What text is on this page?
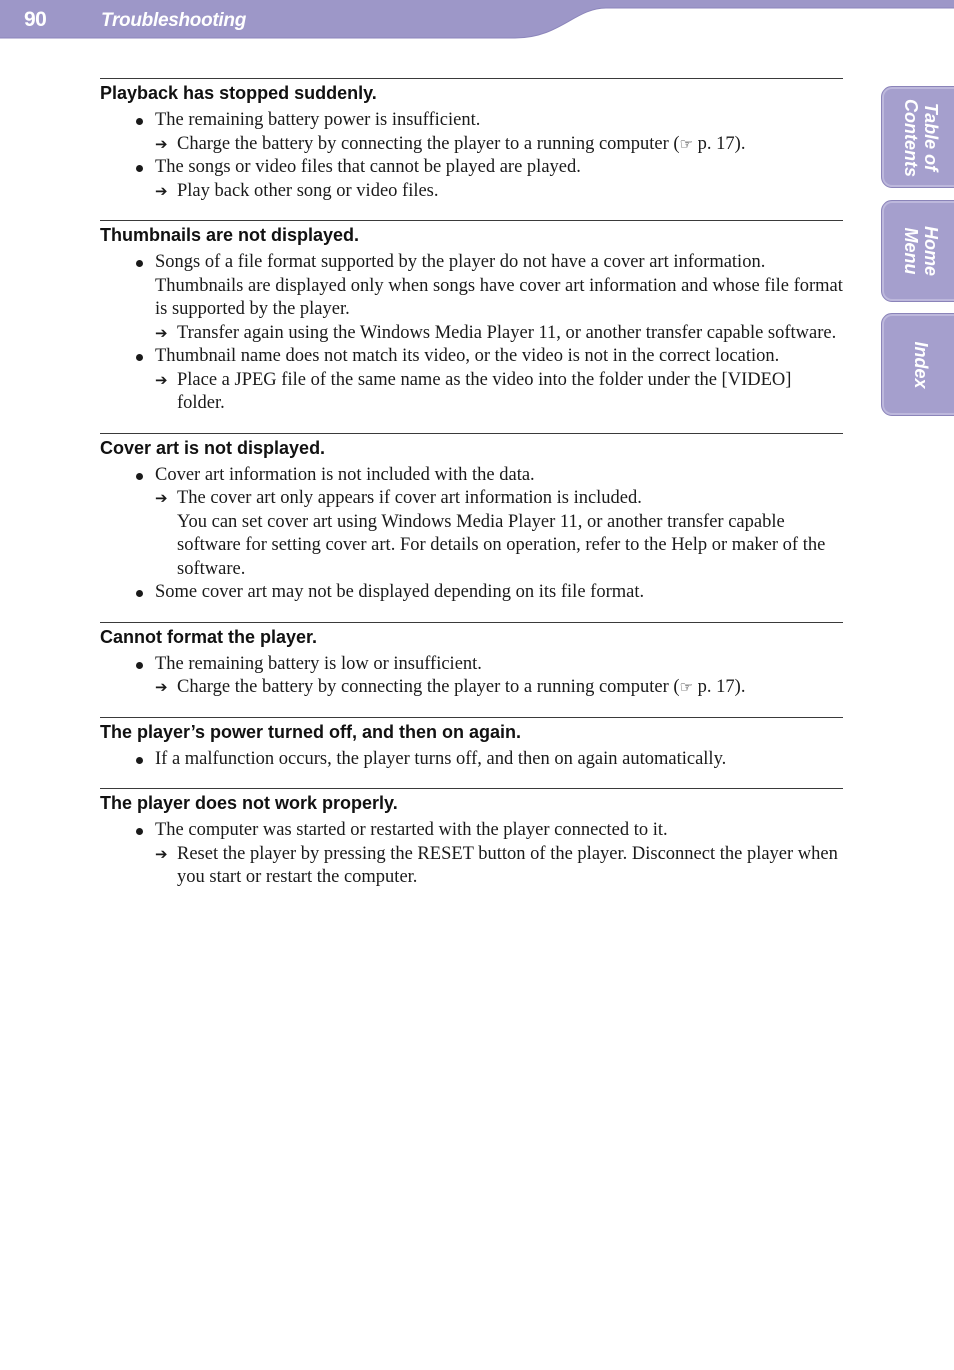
90	Troubleshooting
Table of Contents
Home Menu
Index
Playback has stopped suddenly.
The remaining battery power is insufficient.
➔ Charge the battery by connecting the player to a running computer (☞ p. 17).
The songs or video files that cannot be played are played.
➔ Play back other song or video files.
Thumbnails are not displayed.
Songs of a file format supported by the player do not have a cover art information. Thumbnails are displayed only when songs have cover art information and whose file format is supported by the player.
➔ Transfer again using the Windows Media Player 11, or another transfer capable software.
Thumbnail name does not match its video, or the video is not in the correct location.
➔ Place a JPEG file of the same name as the video into the folder under the [VIDEO] folder.
Cover art is not displayed.
Cover art information is not included with the data.
➔ The cover art only appears if cover art information is included.
You can set cover art using Windows Media Player 11, or another transfer capable software for setting cover art. For details on operation, refer to the Help or maker of the software.
Some cover art may not be displayed depending on its file format.
Cannot format the player.
The remaining battery is low or insufficient.
➔ Charge the battery by connecting the player to a running computer (☞ p. 17).
The player’s power turned off, and then on again.
If a malfunction occurs, the player turns off, and then on again automatically.
The player does not work properly.
The computer was started or restarted with the player connected to it.
➔ Reset the player by pressing the RESET button of the player. Disconnect the player when you start or restart the computer.
